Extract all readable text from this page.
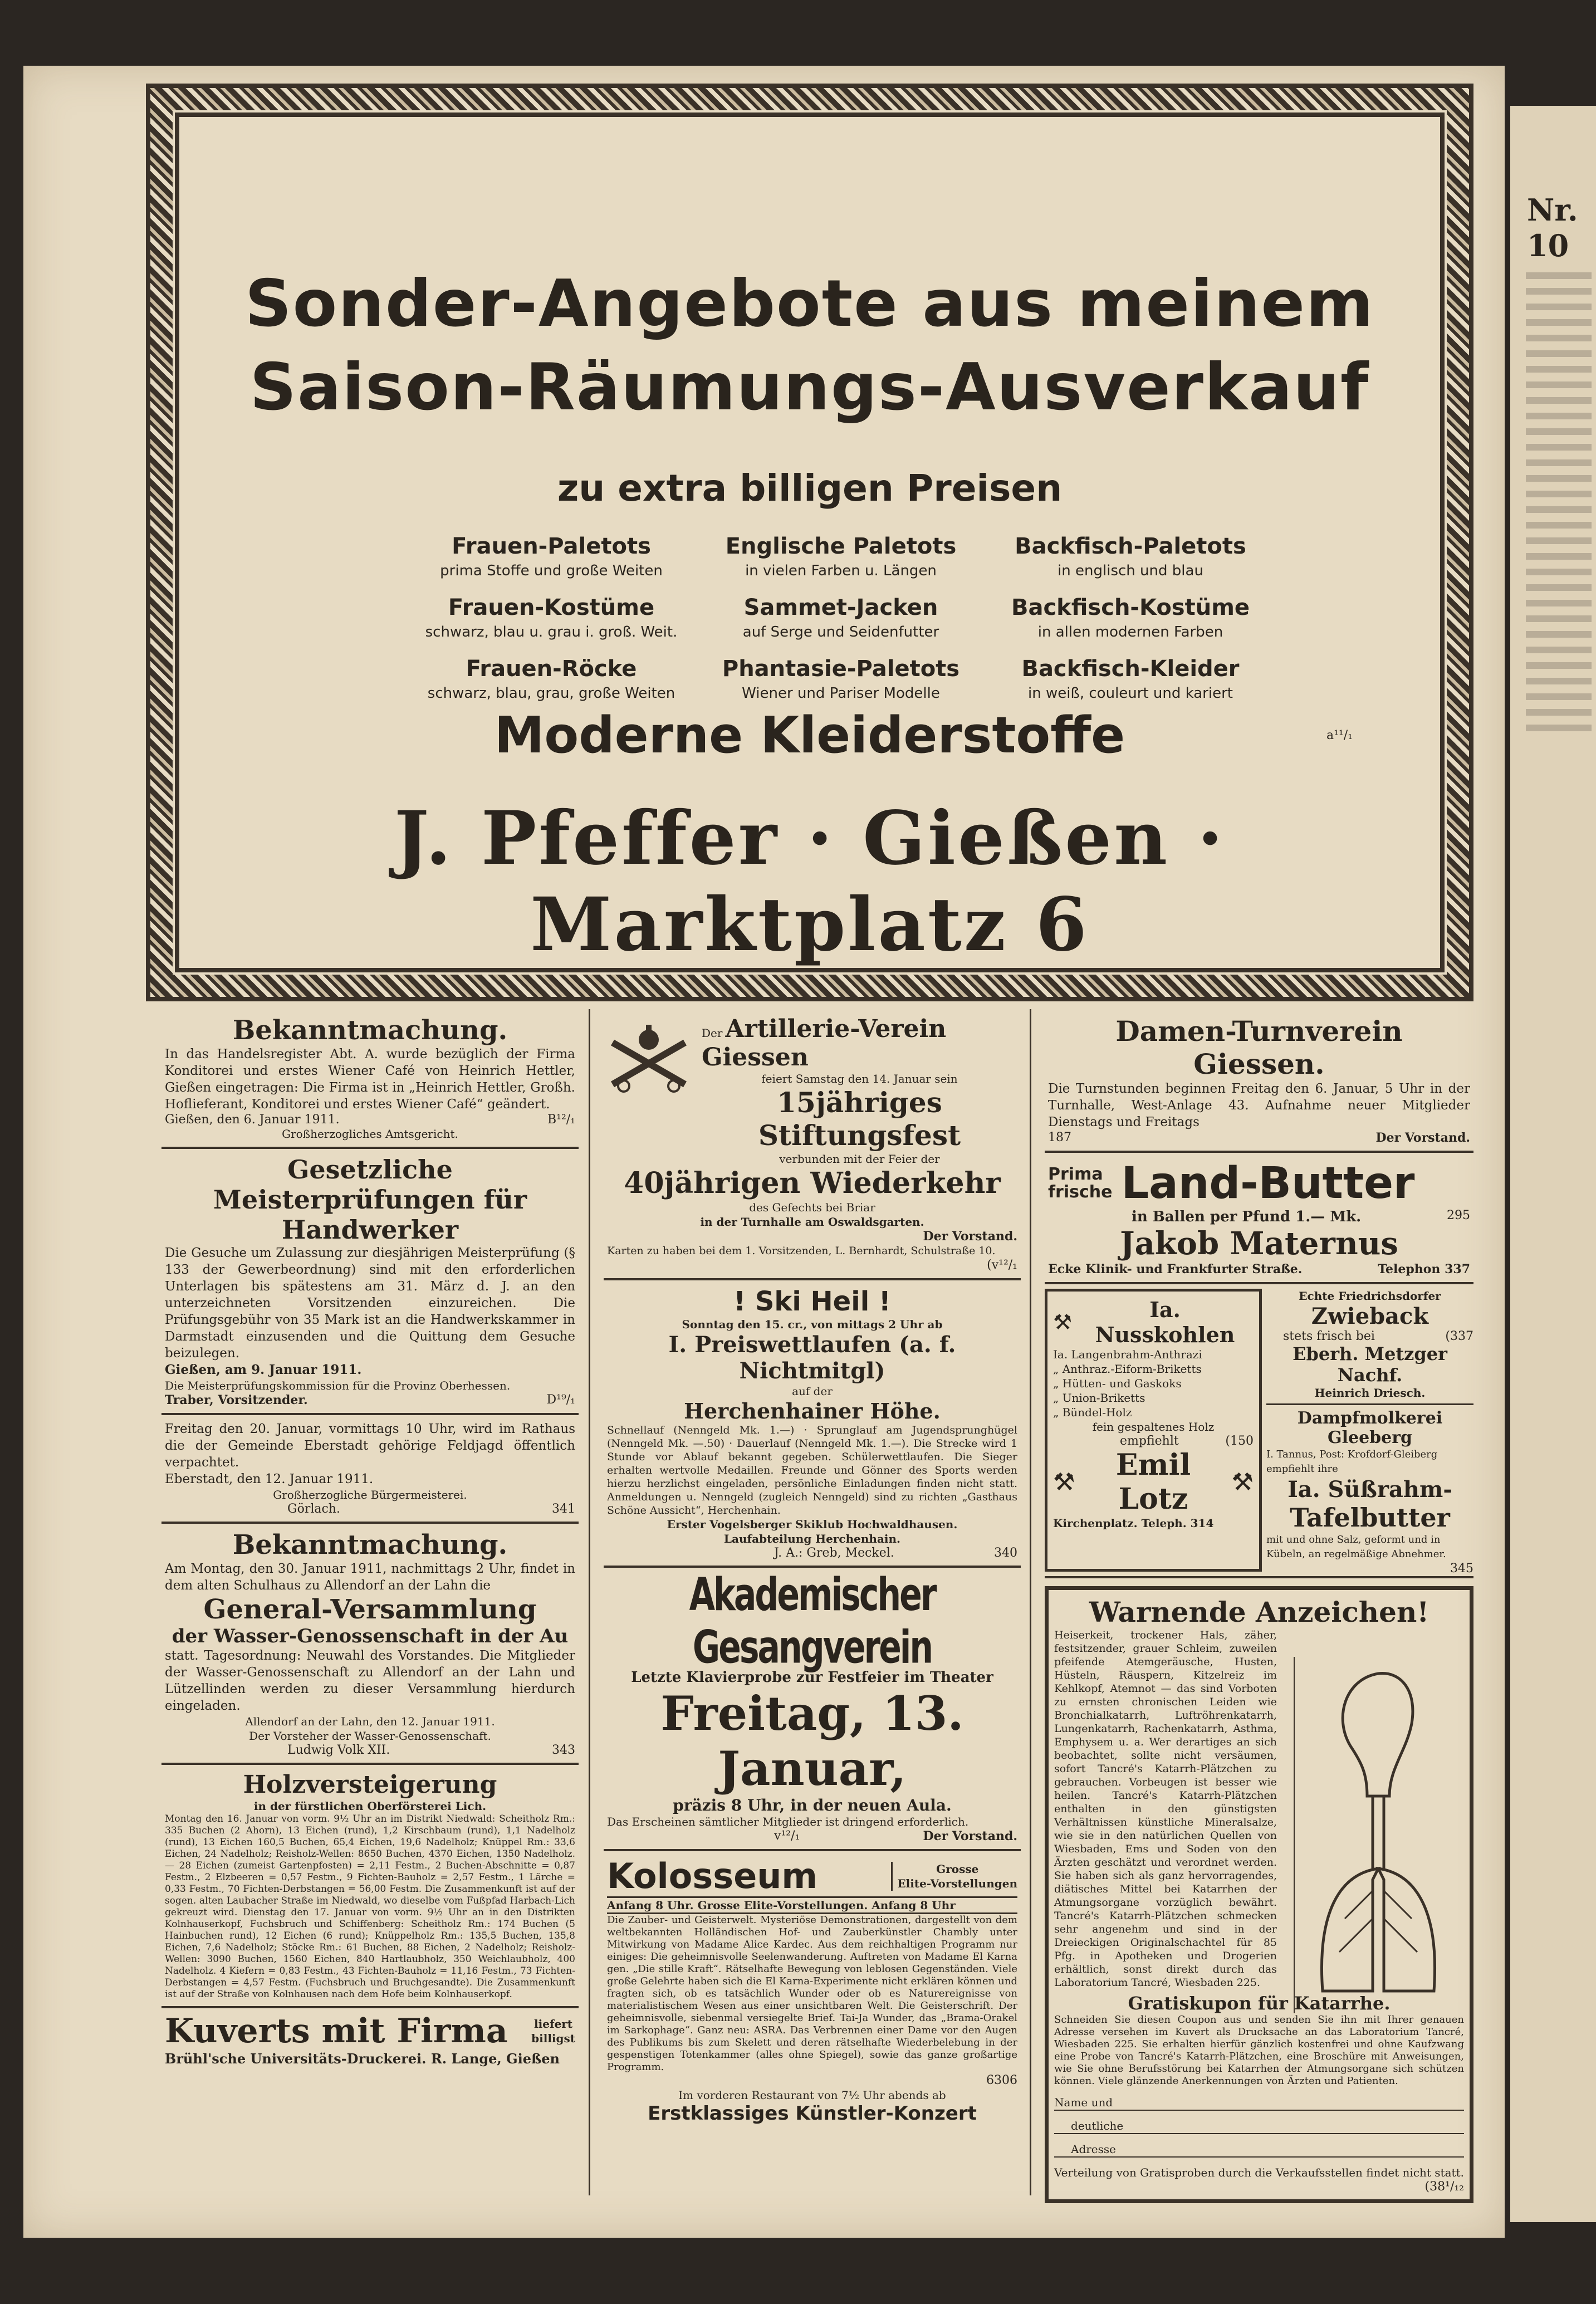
Nr. 10
Sonder-Angebote aus meinem
Saison-Räumungs-Ausverkauf
zu extra billigen Preisen
Frauen-Paletots
prima Stoffe und große Weiten
Englische Paletots
in vielen Farben u. Längen
Backfisch-Paletots
in englisch und blau
Frauen-Kostüme
schwarz, blau u. grau i. groß. Weit.
Sammet-Jacken
auf Serge und Seidenfutter
Backfisch-Kostüme
in allen modernen Farben
Frauen-Röcke
schwarz, blau, grau, große Weiten
Phantasie-Paletots
Wiener und Pariser Modelle
Backfisch-Kleider
in weiß, couleurt und kariert
Moderne Kleiderstoffe	a¹¹/₁
J. Pfeffer · Gießen · Marktplatz 6
Bekanntmachung.
In das Handelsregister Abt. A. wurde bezüglich der Firma Konditorei und erstes Wiener Café von Heinrich Hettler, Gießen eingetragen: Die Firma ist in „Heinrich Hettler, Großh. Hoflieferant, Konditorei und erstes Wiener Café“ geändert.
Gießen, den 6. Januar 1911.	B¹²/₁
Großherzogliches Amtsgericht.
Gesetzliche
Meisterprüfungen für Handwerker
Die Gesuche um Zulassung zur diesjährigen Meisterprüfung (§ 133 der Gewerbeordnung) sind mit den erforderlichen Unterlagen bis spätestens am 31. März d. J. an den unterzeichneten Vorsitzenden einzureichen. Die Prüfungsgebühr von 35 Mark ist an die Handwerkskammer in Darmstadt einzusenden und die Quittung dem Gesuche beizulegen.
Gießen, am 9. Januar 1911.
Die Meisterprüfungskommission für die Provinz Oberhessen.
Traber, Vorsitzender.	D¹⁹/₁
Freitag den 20. Januar, vormittags 10 Uhr, wird im Rathaus die der Gemeinde Eberstadt gehörige Feldjagd öffentlich verpachtet.
Eberstadt, den 12. Januar 1911.
Großherzogliche Bürgermeisterei.
Görlach.	341
Bekanntmachung.
Am Montag, den 30. Januar 1911, nachmittags 2 Uhr, findet in dem alten Schulhaus zu Allendorf an der Lahn die
General-Versammlung
der Wasser-Genossenschaft in der Au
statt. Tagesordnung: Neuwahl des Vorstandes. Die Mitglieder der Wasser-Genossenschaft zu Allendorf an der Lahn und Lützellinden werden zu dieser Versammlung hierdurch eingeladen.
Allendorf an der Lahn, den 12. Januar 1911.
Der Vorsteher der Wasser-Genossenschaft.
Ludwig Volk XII.	343
Holzversteigerung
in der fürstlichen Oberförsterei Lich.
Montag den 16. Januar von vorm. 9½ Uhr an im Distrikt Niedwald: Scheitholz Rm.: 335 Buchen (2 Ahorn), 13 Eichen (rund), 1,2 Kirschbaum (rund), 1,1 Nadelholz (rund), 13 Eichen 160,5 Buchen, 65,4 Eichen, 19,6 Nadelholz; Knüppel Rm.: 33,6 Eichen, 24 Nadelholz; Reisholz-Wellen: 8650 Buchen, 4370 Eichen, 1350 Nadelholz. — 28 Eichen (zumeist Gartenpfosten) = 2,11 Festm., 2 Buchen-Abschnitte = 0,87 Festm., 2 Elzbeeren = 0,57 Festm., 9 Fichten-Bauholz = 2,57 Festm., 1 Lärche = 0,33 Festm., 70 Fichten-Derbstangen = 56,00 Festm. Die Zusammenkunft ist auf der sogen. alten Laubacher Straße im Niedwald, wo dieselbe vom Fußpfad Harbach-Lich gekreuzt wird. Dienstag den 17. Januar von vorm. 9½ Uhr an in den Distrikten Kolnhauserkopf, Fuchsbruch und Schiffenberg: Scheitholz Rm.: 174 Buchen (5 Hainbuchen rund), 12 Eichen (6 rund); Knüppelholz Rm.: 135,5 Buchen, 135,8 Eichen, 7,6 Nadelholz; Stöcke Rm.: 61 Buchen, 88 Eichen, 2 Nadelholz; Reisholz-Wellen: 3090 Buchen, 1560 Eichen, 840 Hartlaubholz, 350 Weichlaubholz, 400 Nadelholz. 4 Kiefern = 0,83 Festm., 43 Fichten-Bauholz = 11,16 Festm., 73 Fichten-Derbstangen = 4,57 Festm. (Fuchsbruch und Bruchgesandte). Die Zusammenkunft ist auf der Straße von Kolnhausen nach dem Hofe beim Kolnhauserkopf.
Kuverts mit Firma liefert
billigst
Brühl'sche Universitäts-Druckerei. R. Lange, Gießen
Der Artillerie-Verein Giessen
feiert Samstag den 14. Januar sein
15jähriges Stiftungsfest
verbunden mit der Feier der
40jährigen Wiederkehr
des Gefechts bei Briar
in der Turnhalle am Oswaldsgarten.
Der Vorstand.
Karten zu haben bei dem 1. Vorsitzenden, L. Bernhardt, Schulstraße 10.
(v¹²/₁
! Ski Heil !
Sonntag den 15. cr., von mittags 2 Uhr ab
I. Preiswettlaufen (a. f. Nichtmitgl)
auf der
Herchenhainer Höhe.
Schnellauf (Nenngeld Mk. 1.—) · Sprunglauf am Jugendsprunghügel (Nenngeld Mk. —.50) · Dauerlauf (Nenngeld Mk. 1.—). Die Strecke wird 1 Stunde vor Ablauf bekannt gegeben. Schülerwettlaufen. Die Sieger erhalten wertvolle Medaillen. Freunde und Gönner des Sports werden hierzu herzlichst eingeladen, persönliche Einladungen finden nicht statt. Anmeldungen u. Nenngeld (zugleich Nenngeld) sind zu richten „Gasthaus Schöne Aussicht“, Herchenhain.
Erster Vogelsberger Skiklub Hochwaldhausen.
Laufabteilung Herchenhain.
J. A.: Greb, Meckel.	340
Akademischer Gesangverein
Letzte Klavierprobe zur Festfeier im Theater
Freitag, 13. Januar,
präzis 8 Uhr, in der neuen Aula.
Das Erscheinen sämtlicher Mitglieder ist dringend erforderlich.
v¹²/₁	Der Vorstand.
Kolosseum	Grosse
Elite-Vorstellungen
Anfang 8 Uhr. Grosse Elite-Vorstellungen. Anfang 8 Uhr
Die Zauber- und Geisterwelt. Mysteriöse Demonstrationen, dargestellt von dem weltbekannten Holländischen Hof- und Zauberkünstler Chambly unter Mitwirkung von Madame Alice Kardec. Aus dem reichhaltigen Programm nur einiges: Die geheimnisvolle Seelenwanderung. Auftreten von Madame El Karna gen. „Die stille Kraft“. Rätselhafte Bewegung von leblosen Gegenständen. Viele große Gelehrte haben sich die El Karna-Experimente nicht erklären können und fragten sich, ob es tatsächlich Wunder oder ob es Naturereignisse von materialistischem Wesen aus einer unsichtbaren Welt. Die Geisterschrift. Der geheimnisvolle, siebenmal versiegelte Brief. Tai-Ja Wunder, das „Brama-Orakel im Sarkophage“. Ganz neu: ASRA. Das Verbrennen einer Dame vor den Augen des Publikums bis zum Skelett und deren rätselhafte Wiederbelebung in der gespenstigen Totenkammer (alles ohne Spiegel), sowie das ganze großartige Programm.
6306
Im vorderen Restaurant von 7½ Uhr abends ab
Erstklassiges Künstler-Konzert
Damen-Turnverein Giessen.
Die Turnstunden beginnen Freitag den 6. Januar, 5 Uhr in der Turnhalle, West-Anlage 43. Aufnahme neuer Mitglieder Dienstags und Freitags
187	Der Vorstand.
Prima
frische Land-Butter
in Ballen per Pfund 1.— Mk.	295
Jakob Maternus
Ecke Klinik- und Frankfurter Straße.	Telephon 337
⚒	Ia. Nusskohlen
Ia. Langenbrahm-Anthrazi
„ Anthraz.-Eiform-Briketts
„ Hütten- und Gaskoks
„ Union-Briketts
„ Bündel-Holz
fein gespaltenes Holz
empfiehlt	(150
⚒	Emil Lotz	⚒
Kirchenplatz. Teleph. 314
Echte Friedrichsdorfer
Zwieback
stets frisch bei	(337
Eberh. Metzger Nachf.
Heinrich Driesch.
Dampfmolkerei Gleeberg
I. Tannus, Post: Krofdorf-Gleiberg empfiehlt ihre
Ia. Süßrahm-
Tafelbutter
mit und ohne Salz, geformt und in Kübeln, an regelmäßige Abnehmer.
345
Warnende Anzeichen!
Heiserkeit, trockener Hals, zäher, festsitzender, grauer Schleim, zuweilen pfeifende Atemgeräusche, Husten, Hüsteln, Räuspern, Kitzelreiz im Kehlkopf, Atemnot — das sind Vorboten zu ernsten chronischen Leiden wie Bronchialkatarrh, Luftröhrenkatarrh, Lungenkatarrh, Rachenkatarrh, Asthma, Emphysem u. a. Wer derartiges an sich beobachtet, sollte nicht versäumen, sofort Tancré's Katarrh-Plätzchen zu gebrauchen. Vorbeugen ist besser wie heilen. Tancré's Katarrh-Plätzchen enthalten in den günstigsten Verhältnissen künstliche Mineralsalze, wie sie in den natürlichen Quellen von Wiesbaden, Ems und Soden von den Ärzten geschätzt und verordnet werden. Sie haben sich als ganz hervorragendes, diätisches Mittel bei Katarrhen der Atmungsorgane vorzüglich bewährt. Tancré's Katarrh-Plätzchen schmecken sehr angenehm und sind in der Dreieckigen Originalschachtel für 85 Pfg. in Apotheken und Drogerien erhältlich, sonst direkt durch das Laboratorium Tancré, Wiesbaden 225.
Gratiskupon für Katarrhe.
Schneiden Sie diesen Coupon aus und senden Sie ihn mit Ihrer genauen Adresse versehen im Kuvert als Drucksache an das Laboratorium Tancré, Wiesbaden 225. Sie erhalten hierfür gänzlich kostenfrei und ohne Kaufzwang eine Probe von Tancré's Katarrh-Plätzchen, eine Broschüre mit Anweisungen, wie Sie ohne Berufsstörung bei Katarrhen der Atmungsorgane sich schützen können. Viele glänzende Anerkennungen von Ärzten und Patienten.
Name und
deutliche
Adresse
Verteilung von Gratisproben durch die Verkaufsstellen findet nicht statt.
(38¹/₁₂
